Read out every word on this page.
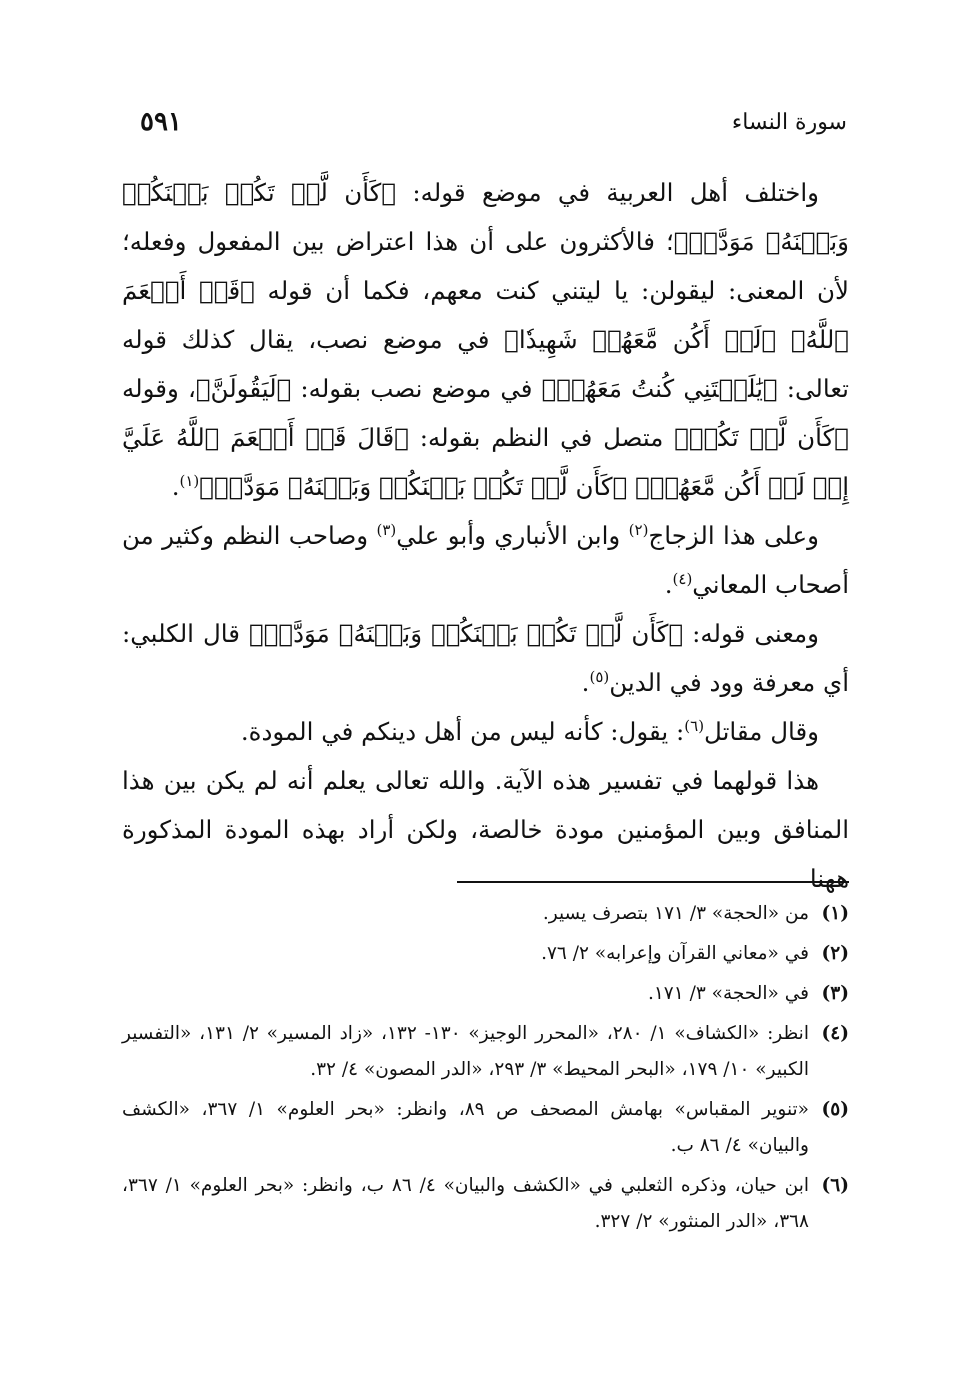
سورة النساء
٥٩١

واختلف أهل العربية في موضع قوله: ﴿كَأَن لَّمۡ تَكُنۢ بَيۡنَكُمۡ وَبَيۡنَهُۥ مَوَدَّةٞ﴾؛ فالأكثرون على أن هذا اعتراض بين المفعول وفعله؛ لأن المعنى: ليقولن: يا ليتني كنت معهم، فكما أن قوله ﴿قَدۡ أَنۡعَمَ ٱللَّهُ﴾ ﴿لَمۡ أَكُن مَّعَهُمۡ شَهِيدٗا﴾ في موضع نصب، يقال كذلك قوله تعالى: ﴿يَٰلَيۡتَنِي كُنتُ مَعَهُمۡ﴾ في موضع نصب بقوله: ﴿لَيَقُولَنَّ﴾، وقوله ﴿كَأَن لَّمۡ تَكُنۢ﴾ متصل في النظم بقوله: ﴿قَالَ قَدۡ أَنۡعَمَ ٱللَّهُ عَلَيَّ إِذۡ لَمۡ أَكُن مَّعَهُمۡ﴾ ﴿كَأَن لَّمۡ تَكُنۢ بَيۡنَكُمۡ وَبَيۡنَهُۥ مَوَدَّةٞ﴾$^{(١)}$.

وعلى هذا الزجاج$^{(٢)}$ وابن الأنباري وأبو علي$^{(٣)}$ وصاحب النظم وكثير من أصحاب المعاني$^{(٤)}$.

ومعنى قوله: ﴿كَأَن لَّمۡ تَكُنۢ بَيۡنَكُمۡ وَبَيۡنَهُۥ مَوَدَّةٞ﴾ قال الكلبي: أي معرفة وود في الدين$^{(٥)}$.

وقال مقاتل$^{(٦)}$: يقول: كأنه ليس من أهل دينكم في المودة.

هذا قولهما في تفسير هذه الآية. والله تعالى يعلم أنه لم يكن بين هذا المنافق وبين المؤمنين مودة خالصة، ولكن أراد بهذه المودة المذكورة ههنا

(١)
من «الحجة» ٣/ ١٧١ بتصرف يسير.
(٢)
في «معاني القرآن وإعرابه» ٢/ ٧٦.
(٣)
في «الحجة» ٣/ ١٧١.
(٤)
انظر: «الكشاف» ١/ ٢٨٠، «المحرر الوجيز» ١٣٠- ١٣٢، «زاد المسير» ٢/ ١٣١، «التفسير الكبير» ١٠/ ١٧٩، «البحر المحيط» ٣/ ٢٩٣، «الدر المصون» ٤/ ٣٢.
(٥)
«تنوير المقباس» بهامش المصحف ص ٨٩، وانظر: «بحر العلوم» ١/ ٣٦٧، «الكشف والبيان» ٤/ ٨٦ ب.
(٦)
ابن حيان، وذكره الثعلبي في «الكشف والبيان» ٤/ ٨٦ ب، وانظر: «بحر العلوم» ١/ ٣٦٧، ٣٦٨، «الدر المنثور» ٢/ ٣٢٧.
